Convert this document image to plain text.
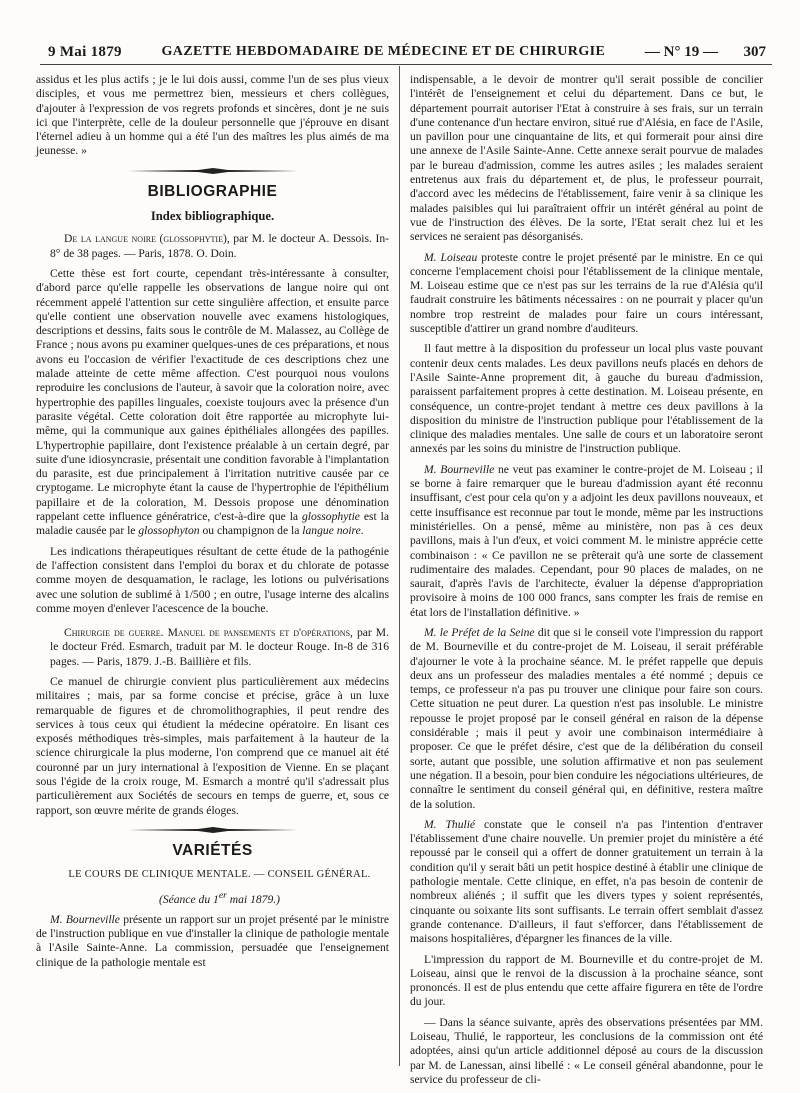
9 Mai 1879	GAZETTE HEBDOMADAIRE DE MÉDECINE ET DE CHIRURGIE	— N° 19 — 307

assidus et les plus actifs ; je le lui dois aussi, comme l'un de ses plus vieux disciples, et vous me permettrez bien, messieurs et chers collègues, d'ajouter à l'expression de vos regrets profonds et sincères, dont je ne suis ici que l'interprète, celle de la douleur personnelle que j'éprouve en disant l'éternel adieu à un homme qui a été l'un des maîtres les plus aimés de ma jeunesse. »

BIBLIOGRAPHIE
Index bibliographique.

De la langue noire (glossophytie), par M. le docteur A. Dessois. In-8° de 38 pages. — Paris, 1878. O. Doin.

Cette thèse est fort courte, cependant très-intéressante à consulter, d'abord parce qu'elle rappelle les observations de langue noire qui ont récemment appelé l'attention sur cette singulière affection, et ensuite parce qu'elle contient une observation nouvelle avec examens histologiques, descriptions et dessins, faits sous le contrôle de M. Malassez, au Collège de France ; nous avons pu examiner quelques-unes de ces préparations, et nous avons eu l'occasion de vérifier l'exactitude de ces descriptions chez une malade atteinte de cette même affection. C'est pourquoi nous voulons reproduire les conclusions de l'auteur, à savoir que la coloration noire, avec hypertrophie des papilles linguales, coexiste toujours avec la présence d'un parasite végétal. Cette coloration doit être rapportée au microphyte lui-même, qui la communique aux gaines épithéliales allongées des papilles. L'hypertrophie papillaire, dont l'existence préalable à un certain degré, par suite d'une idiosyncrasie, présentait une condition favorable à l'implantation du parasite, est due principalement à l'irritation nutritive causée par ce cryptogame. Le microphyte étant la cause de l'hypertrophie de l'épithélium papillaire et de la coloration, M. Dessois propose une dénomination rappelant cette influence génératrice, c'est-à-dire que la glossophytie est la maladie causée par le glossophyton ou champignon de la langue noire.

Les indications thérapeutiques résultant de cette étude de la pathogénie de l'affection consistent dans l'emploi du borax et du chlorate de potasse comme moyen de desquamation, le raclage, les lotions ou pulvérisations avec une solution de sublimé à 1/500 ; en outre, l'usage interne des alcalins comme moyen d'enlever l'acescence de la bouche.

Chirurgie de guerre. Manuel de pansements et d'opérations, par M. le docteur Fréd. Esmarch, traduit par M. le docteur Rouge. In-8 de 316 pages. — Paris, 1879. J.-B. Baillière et fils.

Ce manuel de chirurgie convient plus particulièrement aux médecins militaires ; mais, par sa forme concise et précise, grâce à un luxe remarquable de figures et de chromolithographies, il peut rendre des services à tous ceux qui étudient la médecine opératoire. En lisant ces exposés méthodiques très-simples, mais parfaitement à la hauteur de la science chirurgicale la plus moderne, l'on comprend que ce manuel ait été couronné par un jury international à l'exposition de Vienne. En se plaçant sous l'égide de la croix rouge, M. Esmarch a montré qu'il s'adressait plus particulièrement aux Sociétés de secours en temps de guerre, et, sous ce rapport, son œuvre mérite de grands éloges.

VARIÉTÉS

LE COURS DE CLINIQUE MENTALE. — CONSEIL GÉNÉRAL.

(Séance du 1er mai 1879.)

M. Bourneville présente un rapport sur un projet présenté par le ministre de l'instruction publique en vue d'installer la clinique de pathologie mentale à l'Asile Sainte-Anne. La commission, persuadée que l'enseignement clinique de la pathologie mentale est

indispensable, a le devoir de montrer qu'il serait possible de concilier l'intérêt de l'enseignement et celui du département. Dans ce but, le département pourrait autoriser l'Etat à construire à ses frais, sur un terrain d'une contenance d'un hectare environ, situé rue d'Alésia, en face de l'Asile, un pavillon pour une cinquantaine de lits, et qui formerait pour ainsi dire une annexe de l'Asile Sainte-Anne. Cette annexe serait pourvue de malades par le bureau d'admission, comme les autres asiles ; les malades seraient entretenus aux frais du département et, de plus, le professeur pourrait, d'accord avec les médecins de l'établissement, faire venir à sa clinique les malades paisibles qui lui paraîtraient offrir un intérêt général au point de vue de l'instruction des élèves. De la sorte, l'Etat serait chez lui et les services ne seraient pas désorganisés.

M. Loiseau proteste contre le projet présenté par le ministre. En ce qui concerne l'emplacement choisi pour l'établissement de la clinique mentale, M. Loiseau estime que ce n'est pas sur les terrains de la rue d'Alésia qu'il faudrait construire les bâtiments nécessaires : on ne pourrait y placer qu'un nombre trop restreint de malades pour faire un cours intéressant, susceptible d'attirer un grand nombre d'auditeurs.

Il faut mettre à la disposition du professeur un local plus vaste pouvant contenir deux cents malades. Les deux pavillons neufs placés en dehors de l'Asile Sainte-Anne proprement dit, à gauche du bureau d'admission, paraissent parfaitement propres à cette destination. M. Loiseau présente, en conséquence, un contre-projet tendant à mettre ces deux pavillons à la disposition du ministre de l'instruction publique pour l'établissement de la clinique des maladies mentales. Une salle de cours et un laboratoire seront annexés par les soins du ministre de l'instruction publique.

M. Bourneville ne veut pas examiner le contre-projet de M. Loiseau ; il se borne à faire remarquer que le bureau d'admission ayant été reconnu insuffisant, c'est pour cela qu'on y a adjoint les deux pavillons nouveaux, et cette insuffisance est reconnue par tout le monde, même par les instructions ministérielles. On a pensé, même au ministère, non pas à ces deux pavillons, mais à l'un d'eux, et voici comment M. le ministre apprécie cette combinaison : « Ce pavillon ne se prêterait qu'à une sorte de classement rudimentaire des malades. Cependant, pour 90 places de malades, on ne saurait, d'après l'avis de l'architecte, évaluer la dépense d'appropriation provisoire à moins de 100 000 francs, sans compter les frais de remise en état lors de l'installation définitive. »

M. le Préfet de la Seine dit que si le conseil vote l'impression du rapport de M. Bourneville et du contre-projet de M. Loiseau, il serait préférable d'ajourner le vote à la prochaine séance. M. le préfet rappelle que depuis deux ans un professeur des maladies mentales a été nommé ; depuis ce temps, ce professeur n'a pas pu trouver une clinique pour faire son cours. Cette situation ne peut durer. La question n'est pas insoluble. Le ministre repousse le projet proposé par le conseil général en raison de la dépense considérable ; mais il peut y avoir une combinaison intermédiaire à proposer. Ce que le préfet désire, c'est que de la délibération du conseil sorte, autant que possible, une solution affirmative et non pas seulement une négation. Il a besoin, pour bien conduire les négociations ultérieures, de connaître le sentiment du conseil général qui, en définitive, restera maître de la solution.

M. Thulié constate que le conseil n'a pas l'intention d'entraver l'établissement d'une chaire nouvelle. Un premier projet du ministère a été repoussé par le conseil qui a offert de donner gratuitement un terrain à la condition qu'il y serait bâti un petit hospice destiné à établir une clinique de pathologie mentale. Cette clinique, en effet, n'a pas besoin de contenir de nombreux aliénés ; il suffit que les divers types y soient représentés, cinquante ou soixante lits sont suffisants. Le terrain offert semblait d'assez grande contenance. D'ailleurs, il faut s'efforcer, dans l'établissement de maisons hospitalières, d'épargner les finances de la ville.

L'impression du rapport de M. Bourneville et du contre-projet de M. Loiseau, ainsi que le renvoi de la discussion à la prochaine séance, sont prononcés. Il est de plus entendu que cette affaire figurera en tête de l'ordre du jour.

— Dans la séance suivante, après des observations présentées par MM. Loiseau, Thulié, le rapporteur, les conclusions de la commission ont été adoptées, ainsi qu'un article additionnel déposé au cours de la discussion par M. de Lanessan, ainsi libellé : « Le conseil général abandonne, pour le service du professeur de cli-
